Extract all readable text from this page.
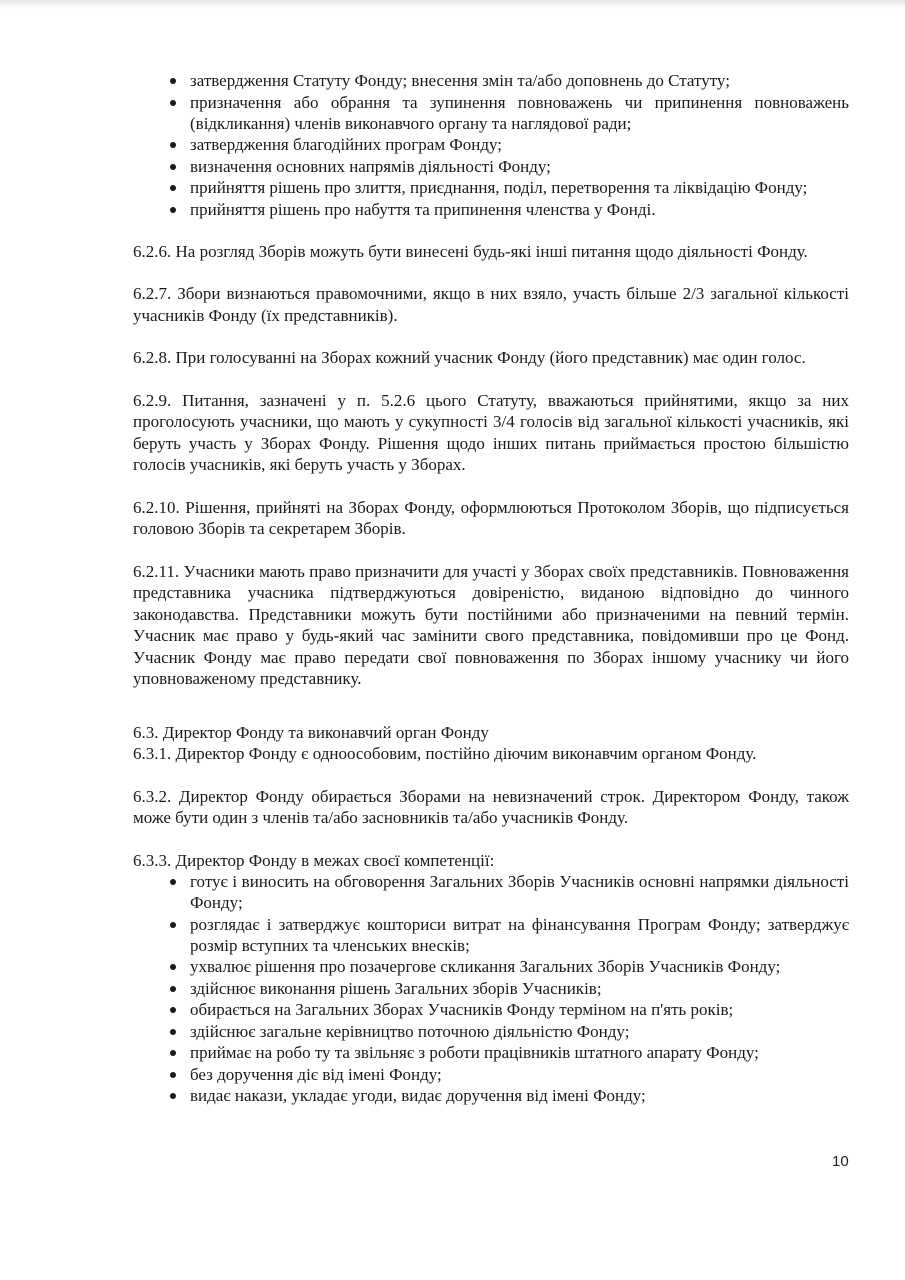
затвердження Статуту Фонду; внесення змін та/або доповнень до Статуту;
призначення або обрання та зупинення повноважень чи припинення повноважень (відкликання) членів виконавчого органу та наглядової ради;
затвердження благодійних програм Фонду;
визначення основних напрямів діяльності Фонду;
прийняття рішень про злиття, приєднання, поділ, перетворення та ліквідацію Фонду;
прийняття рішень про набуття та припинення членства у Фонді.

6.2.6. На розгляд Зборів можуть бути винесені будь-які інші питання щодо діяльності Фонду.

6.2.7. Збори визнаються правомочними, якщо в них взяло, участь більше 2/3 загальної кількості учасників Фонду (їх представників).

6.2.8. При голосуванні на Зборах кожний учасник Фонду (його представник) має один голос.

6.2.9. Питання, зазначені у п. 5.2.6 цього Статуту, вважаються прийнятими, якщо за них проголосують учасники, що мають у сукупності 3/4 голосів від загальної кількості учасників, які беруть участь у Зборах Фонду. Рішення щодо інших питань приймається простою більшістю голосів учасників, які беруть участь у Зборах.

6.2.10. Рішення, прийняті на Зборах Фонду, оформлюються Протоколом Зборів, що підписується головою Зборів та секретарем Зборів.

6.2.11. Учасники мають право призначити для участі у Зборах своїх представників. Повноваження представника учасника підтверджуються довіреністю, виданою відповідно до чинного законодавства. Представники можуть бути постійними або призначеними на певний термін. Учасник має право у будь-який час замінити свого представника, повідомивши про це Фонд. Учасник Фонду має право передати свої повноваження по Зборах іншому учаснику чи його уповноваженому представнику.

6.3. Директор Фонду та виконавчий орган Фонду

6.3.1. Директор Фонду є одноособовим, постійно діючим виконавчим органом Фонду.

6.3.2. Директор Фонду обирається Зборами на невизначений строк. Директором Фонду, також може бути один з членів та/або засновників та/або учасників Фонду.

6.3.3. Директор Фонду в межах своєї компетенції:

готує і виносить на обговорення Загальних Зборів Учасників основні напрямки діяльності Фонду;
розглядає і затверджує кошториси витрат на фінансування Програм Фонду; затверджує розмір вступних та членських внесків;
ухвалює рішення про позачергове скликання Загальних Зборів Учасників Фонду;
здійснює виконання рішень Загальних зборів Учасників;
обирається на Загальних Зборах Учасників Фонду терміном на п'ять років;
здійснює загальне керівництво поточною діяльністю Фонду;
приймає на робо ту та звільняє з роботи працівників штатного апарату Фонду;
без доручення діє від імені Фонду;
видає накази, укладає угоди, видає доручення від імені Фонду;
10
